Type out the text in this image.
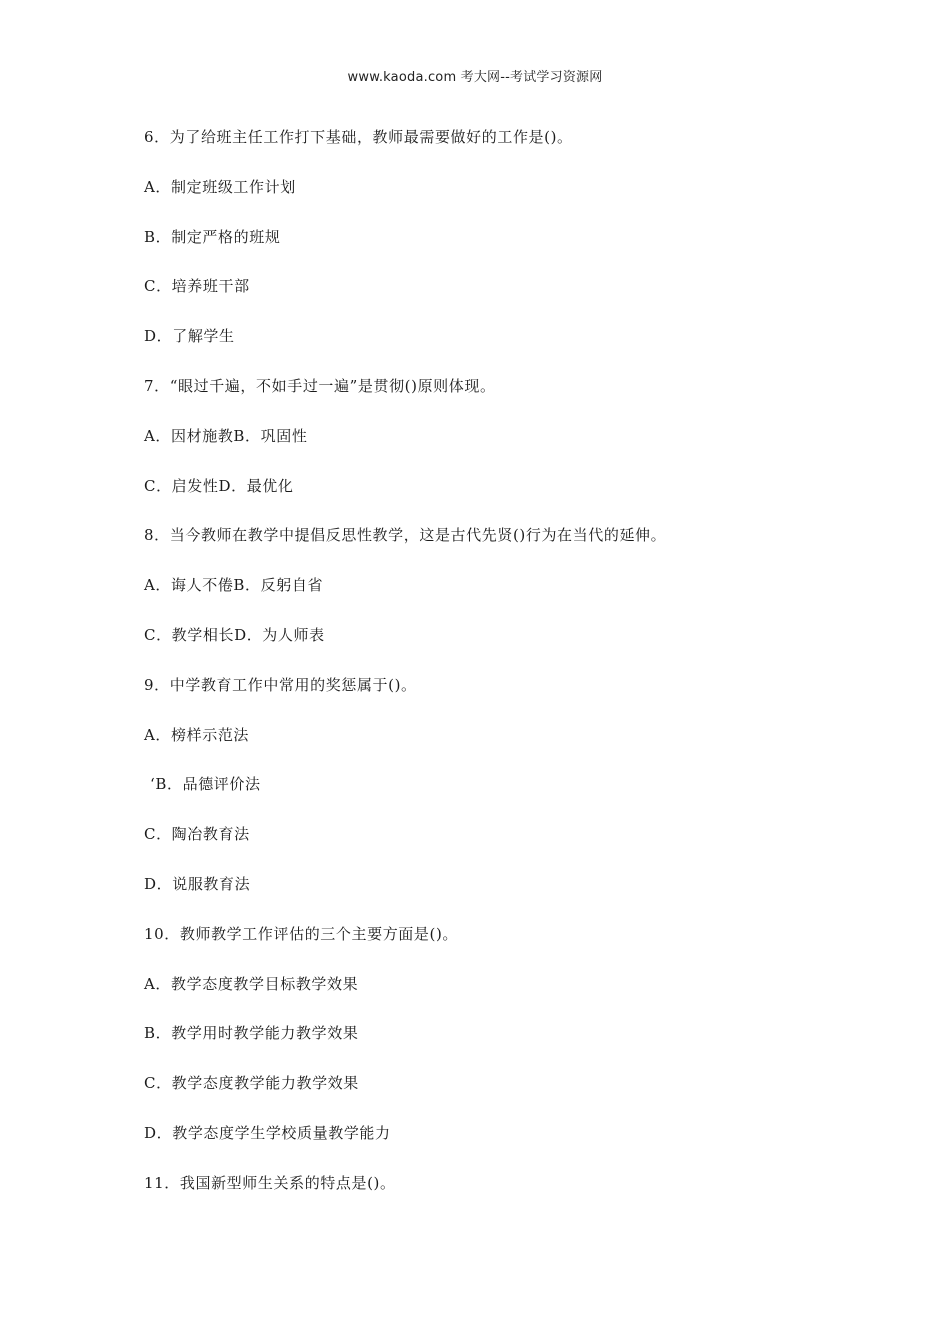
www.kaoda.com 考大网--考试学习资源网
6．为了给班主任工作打下基础，教师最需要做好的工作是()。
A．制定班级工作计划
B．制定严格的班规
C．培养班干部
D．了解学生
7．“眼过千遍，不如手过一遍”是贯彻()原则体现。
A．因材施教B．巩固性
C．启发性D．最优化
8．当今教师在教学中提倡反思性教学，这是古代先贤()行为在当代的延伸。
A．诲人不倦B．反躬自省
C．教学相长D．为人师表
9．中学教育工作中常用的奖惩属于()。
A．榜样示范法
‘B．品德评价法
C．陶冶教育法
D．说服教育法
10．教师教学工作评估的三个主要方面是()。
A．教学态度教学目标教学效果
B．教学用时教学能力教学效果
C．教学态度教学能力教学效果
D．教学态度学生学校质量教学能力
11．我国新型师生关系的特点是()。
